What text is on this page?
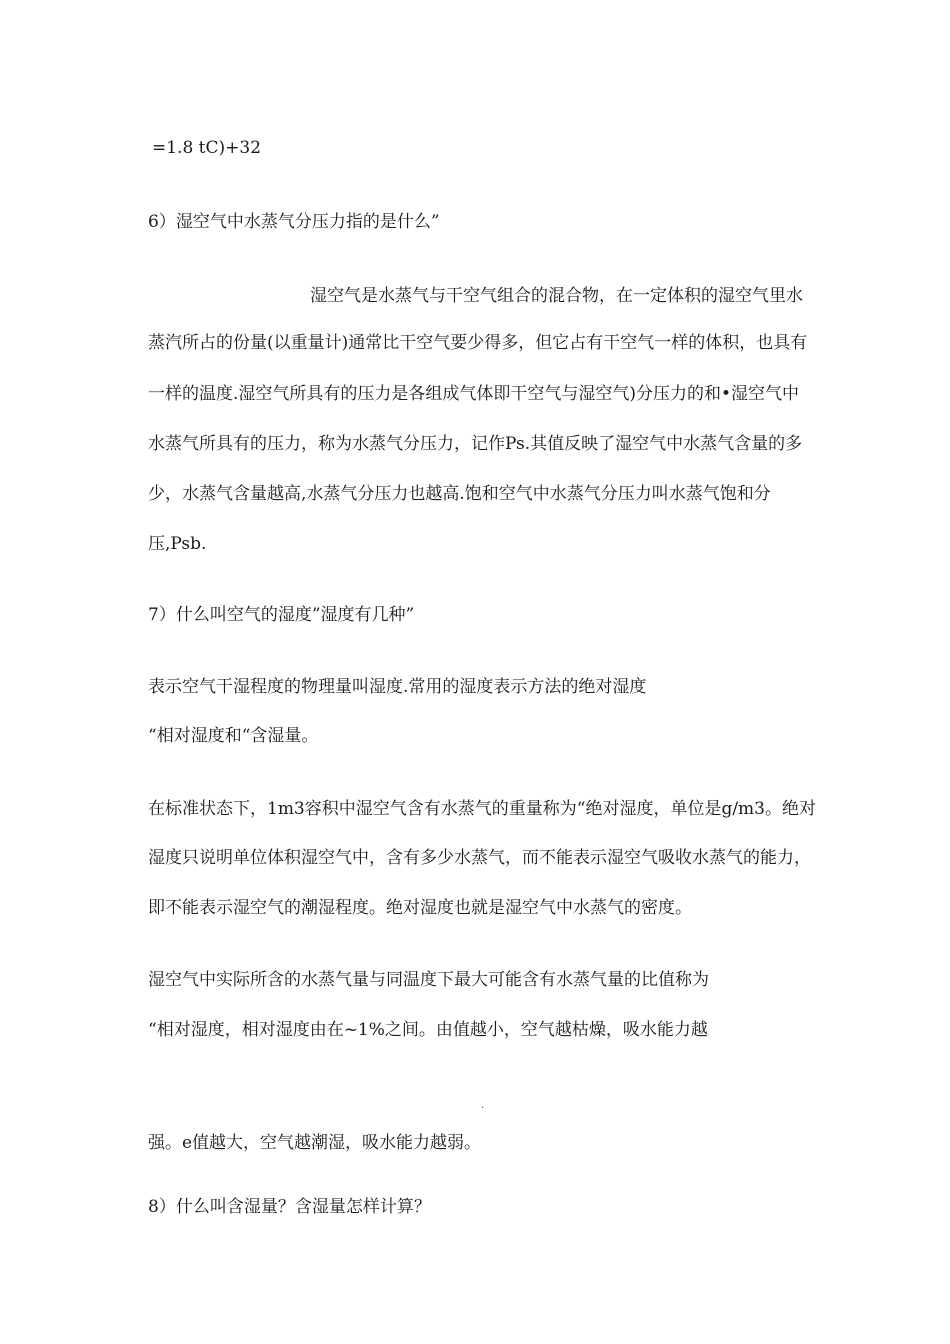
=1.8 tC)+32
6）湿空气中水蒸气分压力指的是什么”
湿空气是水蒸气与干空气组合的混合物，在一定体积的湿空气里水
蒸汽所占的份量(以重量计)通常比干空气要少得多，但它占有干空气一样的体积，也具有
一样的温度.湿空气所具有的压力是各组成气体即干空气与湿空气)分压力的和•湿空气中
水蒸气所具有的压力，称为水蒸气分压力，记作Ps.其值反映了湿空气中水蒸气含量的多
少，水蒸气含量越高,水蒸气分压力也越高.饱和空气中水蒸气分压力叫水蒸气饱和分
压,Psb.
7）什么叫空气的湿度”湿度有几种”
表示空气干湿程度的物理量叫湿度.常用的湿度表示方法的绝对湿度
“相对湿度和“含湿量。
在标准状态下，1m3容积中湿空气含有水蒸气的重量称为“绝对湿度，单位是g/m3。绝对
湿度只说明单位体积湿空气中，含有多少水蒸气，而不能表示湿空气吸收水蒸气的能力，
即不能表示湿空气的潮湿程度。绝对湿度也就是湿空气中水蒸气的密度。
湿空气中实际所含的水蒸气量与同温度下最大可能含有水蒸气量的比值称为
“相对湿度，相对湿度由在~1%之间。由值越小，空气越枯燥，吸水能力越
.
强。e值越大，空气越潮湿，吸水能力越弱。
8）什么叫含湿量？含湿量怎样计算？
